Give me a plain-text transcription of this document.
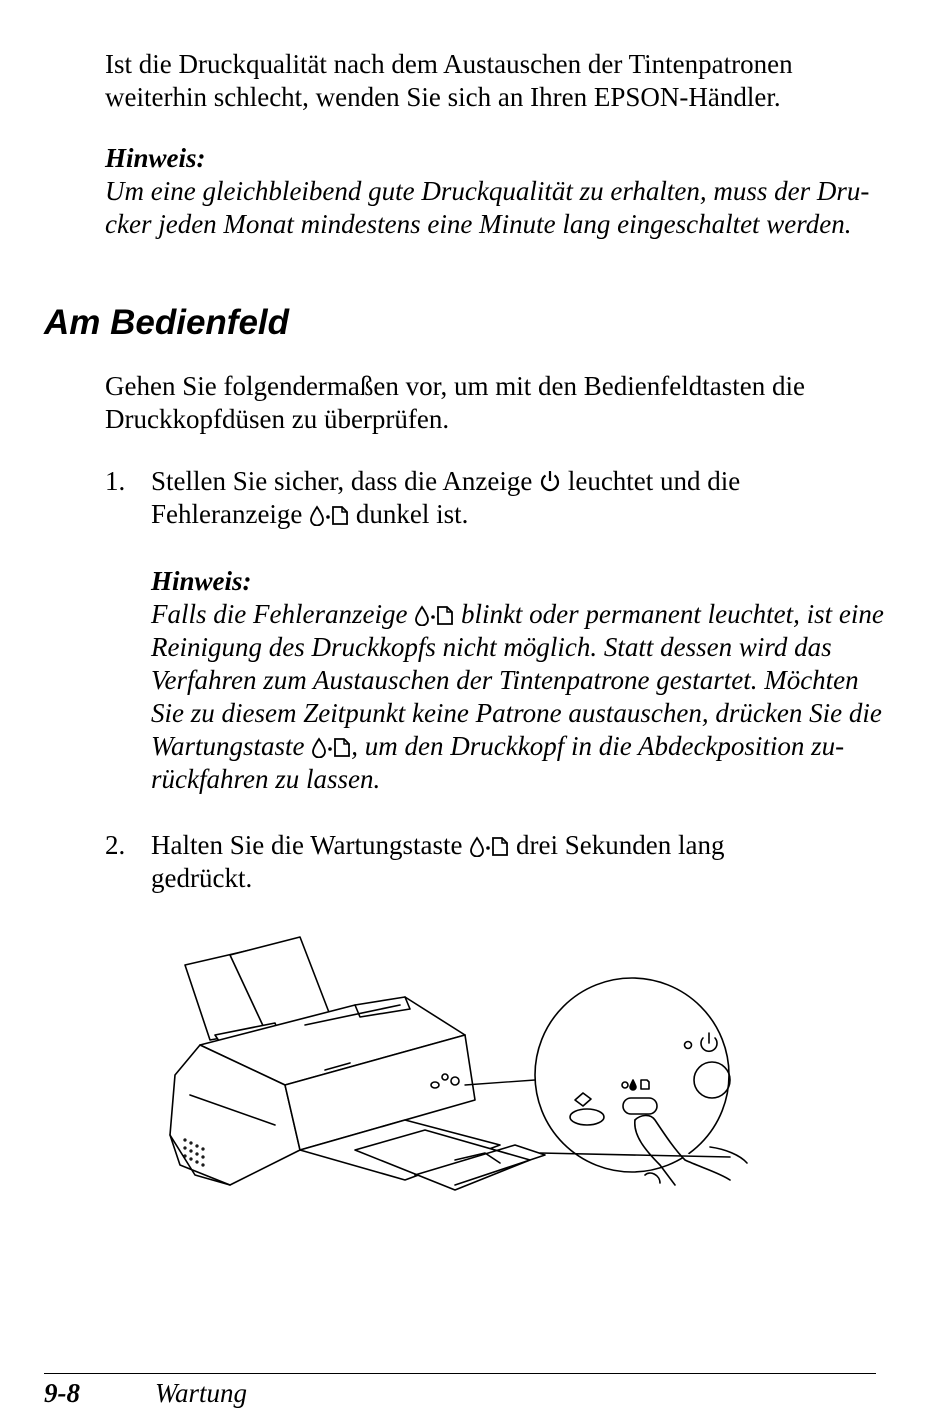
Ist die Druckqualität nach dem Austauschen der Tintenpatronen
weiterhin schlecht, wenden Sie sich an Ihren EPSON-Händler.
Hinweis:
Um eine gleichbleibend gute Druckqualität zu erhalten, muss der Dru-
cker jeden Monat mindestens eine Minute lang eingeschaltet werden.
Am Bedienfeld
Gehen Sie folgendermaßen vor, um mit den Bedienfeldtasten die
Druckkopfdüsen zu überprüfen.
1. Stellen Sie sicher, dass die Anzeige leuchtet und die
Fehleranzeige dunkel ist.
Hinweis:
Falls die Fehleranzeige blinkt oder permanent leuchtet, ist eine
Reinigung des Druckkopfs nicht möglich. Statt dessen wird das
Verfahren zum Austauschen der Tintenpatrone gestartet. Möchten
Sie zu diesem Zeitpunkt keine Patrone austauschen, drücken Sie die
Wartungstaste , um den Druckkopf in die Abdeckposition zu-
rückfahren zu lassen.
2. Halten Sie die Wartungstaste drei Sekunden lang
gedrückt.
9-8	Wartung
